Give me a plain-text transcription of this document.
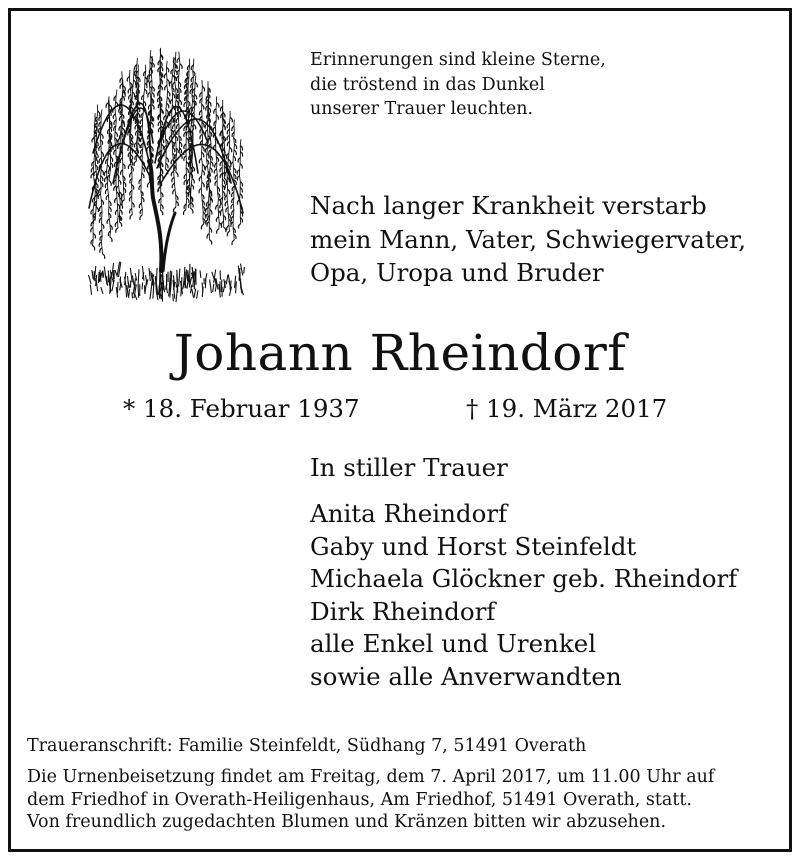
Erinnerungen sind kleine Sterne,
die tröstend in das Dunkel
unserer Trauer leuchten.
Nach langer Krankheit verstarb
mein Mann, Vater, Schwiegervater,
Opa, Uropa und Bruder
Johann Rheindorf
* 18. Februar 1937	† 19. März 2017
In stiller Trauer
Anita Rheindorf
Gaby und Horst Steinfeldt
Michaela Glöckner geb. Rheindorf
Dirk Rheindorf
alle Enkel und Urenkel
sowie alle Anverwandten
Traueranschrift: Familie Steinfeldt, Südhang 7, 51491 Overath
Die Urnenbeisetzung findet am Freitag, dem 7. April 2017, um 11.00 Uhr auf
dem Friedhof in Overath-Heiligenhaus, Am Friedhof, 51491 Overath, statt.
Von freundlich zugedachten Blumen und Kränzen bitten wir abzusehen.
